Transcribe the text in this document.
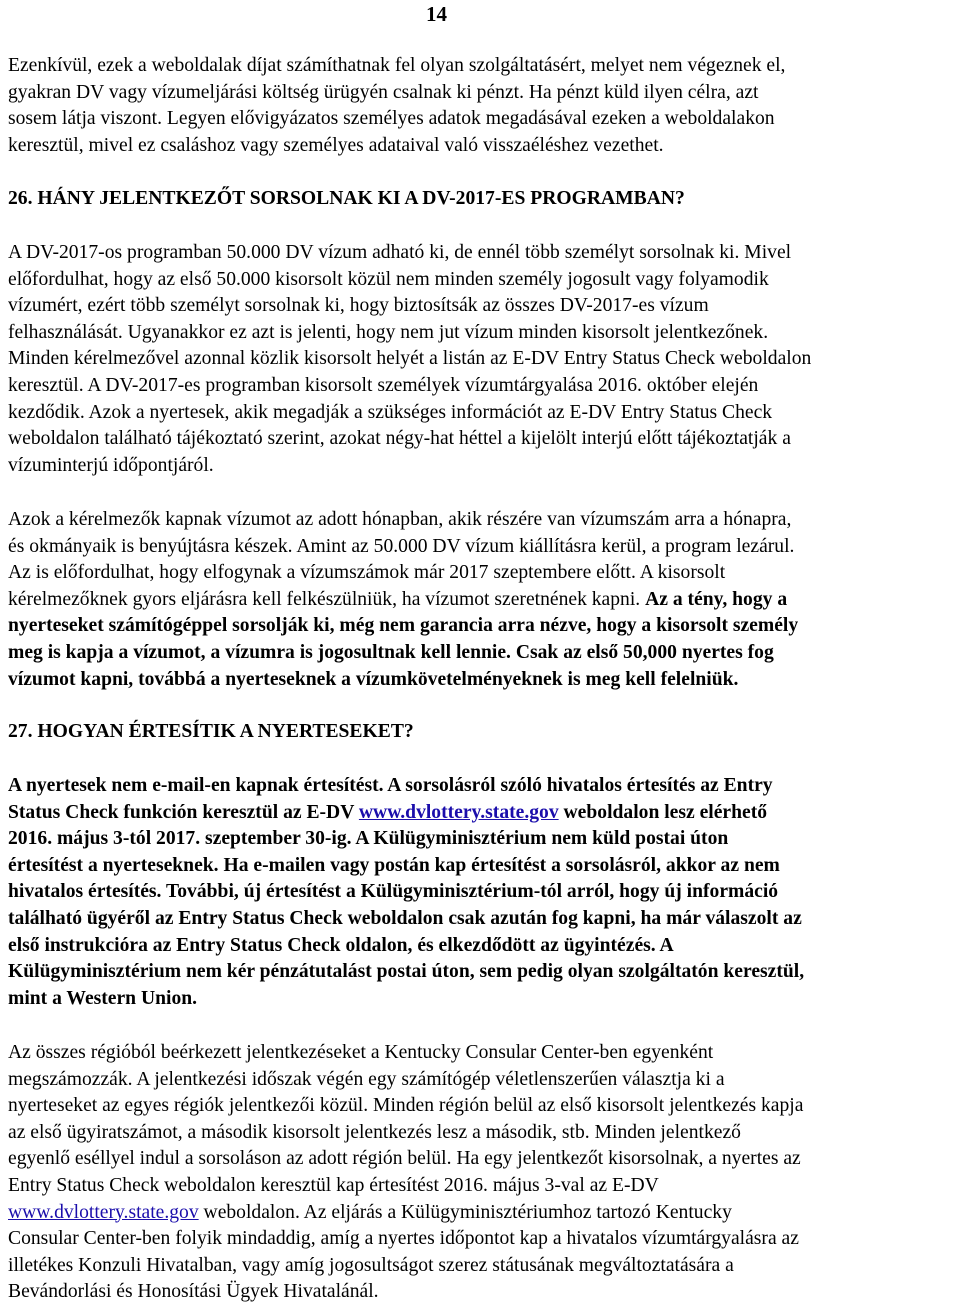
14
Ezenkívül, ezek a weboldalak díjat számíthatnak fel olyan szolgáltatásért, melyet nem végeznek el,
gyakran DV vagy vízumeljárási költség ürügyén csalnak ki pénzt. Ha pénzt küld ilyen célra, azt
sosem látja viszont. Legyen elővigyázatos személyes adatok megadásával ezeken a weboldalakon
keresztül, mivel ez csaláshoz vagy személyes adataival való visszaéléshez vezethet.
26. HÁNY JELENTKEZŐT SORSOLNAK KI A DV-2017-ES PROGRAMBAN?
A DV-2017-os programban 50.000 DV vízum adható ki, de ennél több személyt sorsolnak ki. Mivel
előfordulhat, hogy az első 50.000 kisorsolt közül nem minden személy jogosult vagy folyamodik
vízumért, ezért több személyt sorsolnak ki, hogy biztosítsák az összes DV-2017-es vízum
felhasználását. Ugyanakkor ez azt is jelenti, hogy nem jut vízum minden kisorsolt jelentkezőnek.
Minden kérelmezővel azonnal közlik kisorsolt helyét a listán az E-DV Entry Status Check weboldalon
keresztül. A DV-2017-es programban kisorsolt személyek vízumtárgyalása 2016. október elején
kezdődik. Azok a nyertesek, akik megadják a szükséges információt az E-DV Entry Status Check
weboldalon található tájékoztató szerint, azokat négy-hat héttel a kijelölt interjú előtt tájékoztatják a
vízuminterjú időpontjáról.
Azok a kérelmezők kapnak vízumot az adott hónapban, akik részére van vízumszám arra a hónapra,
és okmányaik is benyújtásra készek. Amint az 50.000 DV vízum kiállításra kerül, a program lezárul.
Az is előfordulhat, hogy elfogynak a vízumszámok már 2017 szeptembere előtt. A kisorsolt
kérelmezőknek gyors eljárásra kell felkészülniük, ha vízumot szeretnének kapni. Az a tény, hogy a
nyerteseket számítógéppel sorsolják ki, még nem garancia arra nézve, hogy a kisorsolt személy
meg is kapja a vízumot, a vízumra is jogosultnak kell lennie. Csak az első 50,000 nyertes fog
vízumot kapni, továbbá a nyerteseknek a vízumkövetelményeknek is meg kell felelniük.
27. HOGYAN ÉRTESÍTIK A NYERTESEKET?
A nyertesek nem e-mail-en kapnak értesítést. A sorsolásról szóló hivatalos értesítés az Entry
Status Check funkción keresztül az E-DV www.dvlottery.state.gov weboldalon lesz elérhető
2016. május 3-tól 2017. szeptember 30-ig. A Külügyminisztérium nem küld postai úton
értesítést a nyerteseknek. Ha e-mailen vagy postán kap értesítést a sorsolásról, akkor az nem
hivatalos értesítés. További, új értesítést a Külügyminisztérium-tól arról, hogy új információ
található ügyéről az Entry Status Check weboldalon csak azután fog kapni, ha már válaszolt az
első instrukcióra az Entry Status Check oldalon, és elkezdődött az ügyintézés. A
Külügyminisztérium nem kér pénzátutalást postai úton, sem pedig olyan szolgáltatón keresztül,
mint a Western Union.
Az összes régióból beérkezett jelentkezéseket a Kentucky Consular Center-ben egyenként
megszámozzák. A jelentkezési időszak végén egy számítógép véletlenszerűen választja ki a
nyerteseket az egyes régiók jelentkezői közül. Minden régión belül az első kisorsolt jelentkezés kapja
az első ügyiratszámot, a második kisorsolt jelentkezés lesz a második, stb. Minden jelentkező
egyenlő eséllyel indul a sorsoláson az adott régión belül. Ha egy jelentkezőt kisorsolnak, a nyertes az
Entry Status Check weboldalon keresztül kap értesítést 2016. május 3-val az E-DV
www.dvlottery.state.gov weboldalon. Az eljárás a Külügyminisztériumhoz tartozó Kentucky
Consular Center-ben folyik mindaddig, amíg a nyertes időpontot kap a hivatalos vízumtárgyalásra az
illetékes Konzuli Hivatalban, vagy amíg jogosultságot szerez státusának megváltoztatására a
Bevándorlási és Honosítási Ügyek Hivatalánál.
